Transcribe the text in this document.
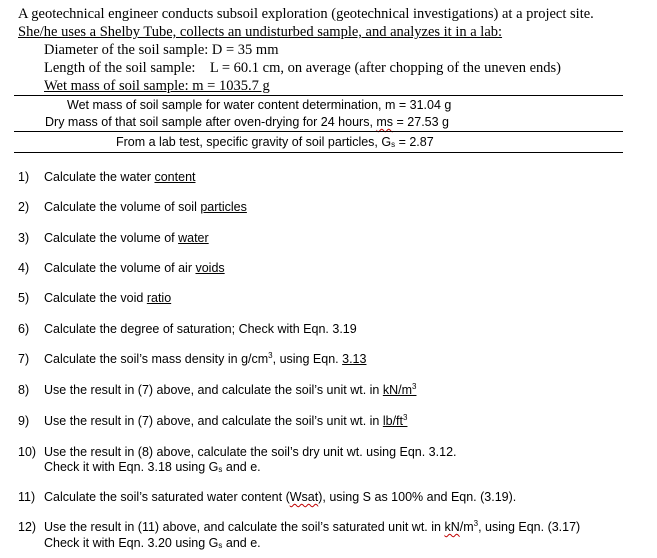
A geotechnical engineer conducts subsoil exploration (geotechnical investigations) at a project site.
She/he uses a Shelby Tube, collects an undisturbed sample, and analyzes it in a lab:
Diameter of the soil sample: D = 35 mm
Length of the soil sample:    L = 60.1 cm, on average (after chopping of the uneven ends)
Wet mass of soil sample: m = 1035.7 g
Wet mass of soil sample for water content determination, m = 31.04 g
Dry mass of that soil sample after oven-drying for 24 hours, ms = 27.53 g
From a lab test, specific gravity of soil particles, $G_s = 2.87$
1) Calculate the water content
2) Calculate the volume of soil particles
3) Calculate the volume of water
4) Calculate the volume of air voids
5) Calculate the void ratio
6) Calculate the degree of saturation; Check with Eqn. 3.19
7) Calculate the soil’s mass density in $g/cm^3$, using Eqn. 3.13
8) Use the result in (7) above, and calculate the soil’s unit wt. in $kN/m^3$
9) Use the result in (7) above, and calculate the soil’s unit wt. in $lb/ft^3$
10) Use the result in (8) above, calculate the soil’s dry unit wt. using Eqn. 3.12.
Check it with Eqn. 3.18 using $G_s$ and e.
11) Calculate the soil’s saturated water content (Wsat), using S as 100% and Eqn. (3.19).
12) Use the result in (11) above, and calculate the soil’s saturated unit wt. in $kN/m^3$, using Eqn. (3.17)
Check it with Eqn. 3.20 using $G_s$ and e.
